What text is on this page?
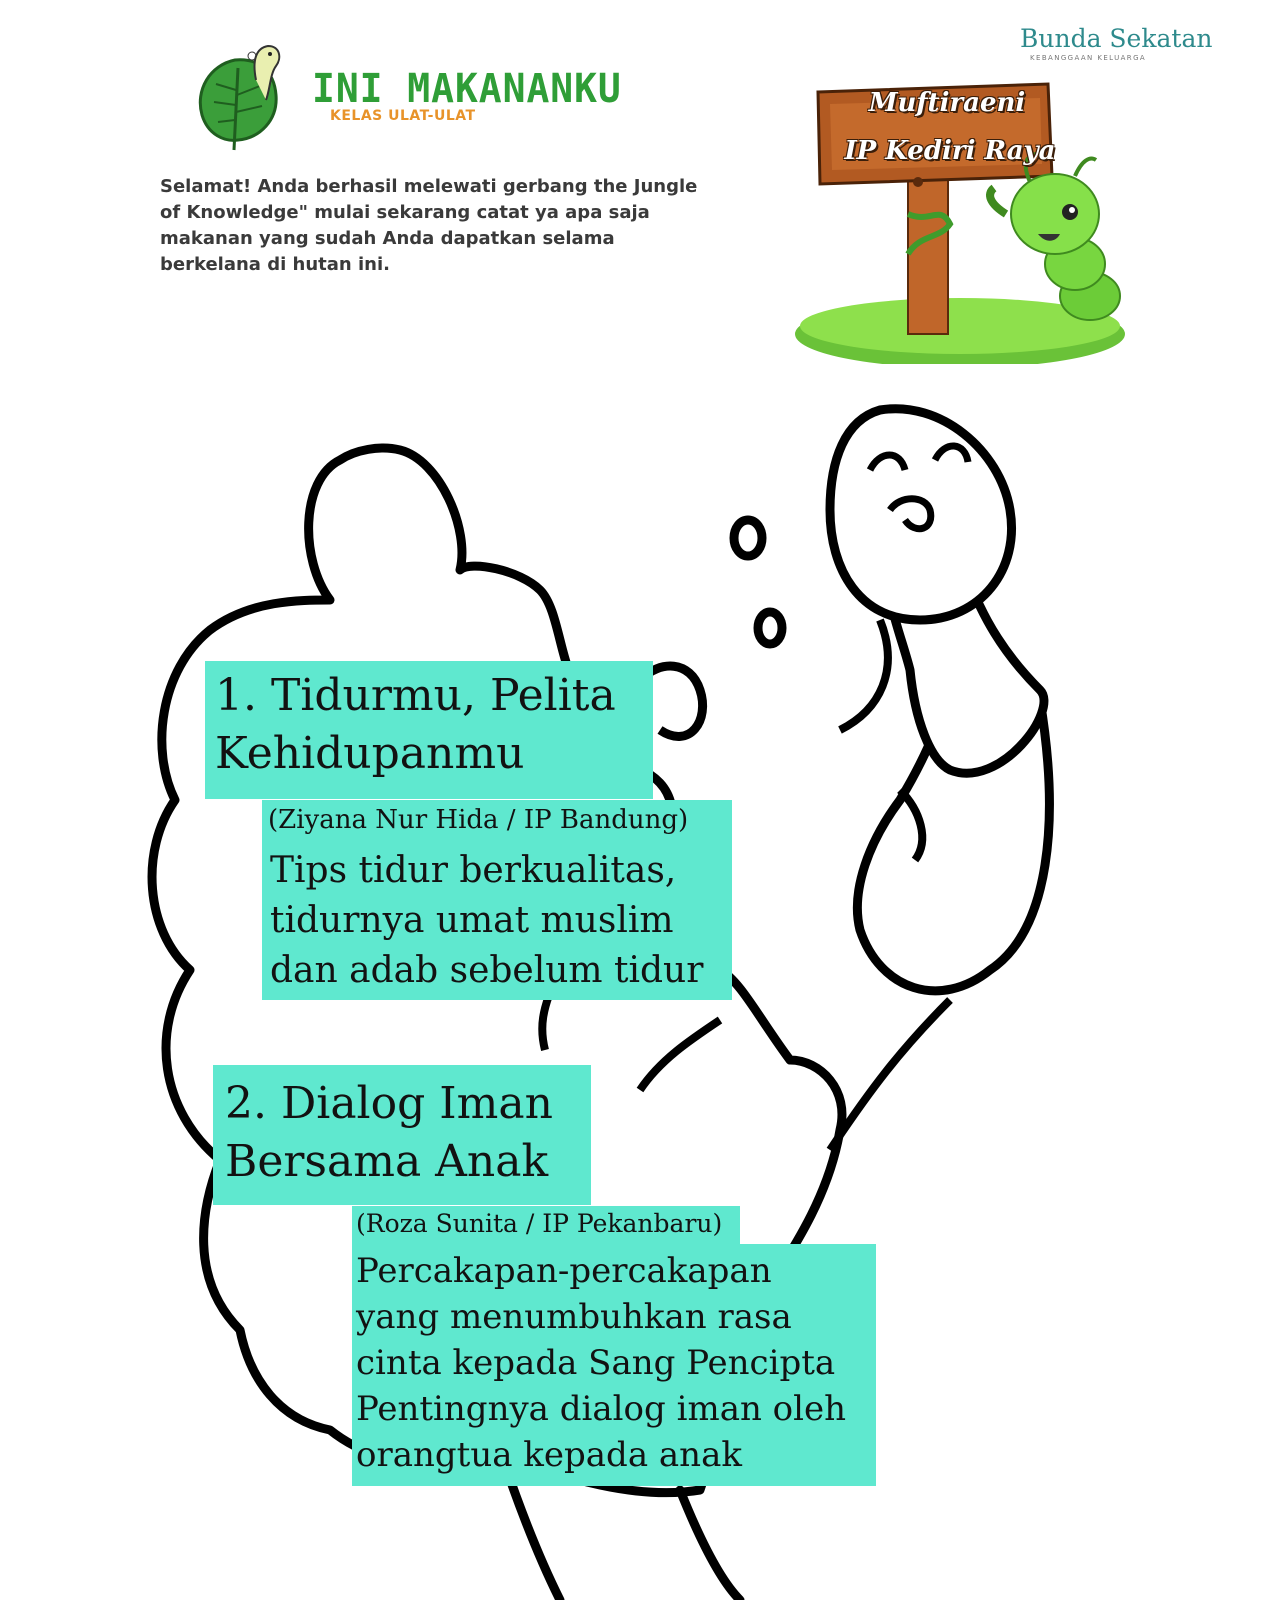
INI MAKANANKU
KELAS ULAT-ULAT
Selamat! Anda berhasil melewati gerbang the Jungle of Knowledge" mulai sekarang catat ya apa saja makanan yang sudah Anda dapatkan selama berkelana di hutan ini.
Bunda Sekatan
KEBANGGAAN KELUARGA
Muftiraeni
IP Kediri Raya
1. Tidurmu, Pelita
Kehidupanmu
(Ziyana Nur Hida / IP Bandung)
Tips tidur berkualitas,
tidurnya umat muslim
dan adab sebelum tidur
2. Dialog Iman
Bersama Anak
(Roza Sunita / IP Pekanbaru)
Percakapan-percakapan
yang menumbuhkan rasa
cinta kepada Sang Pencipta
Pentingnya dialog iman oleh
orangtua kepada anak
